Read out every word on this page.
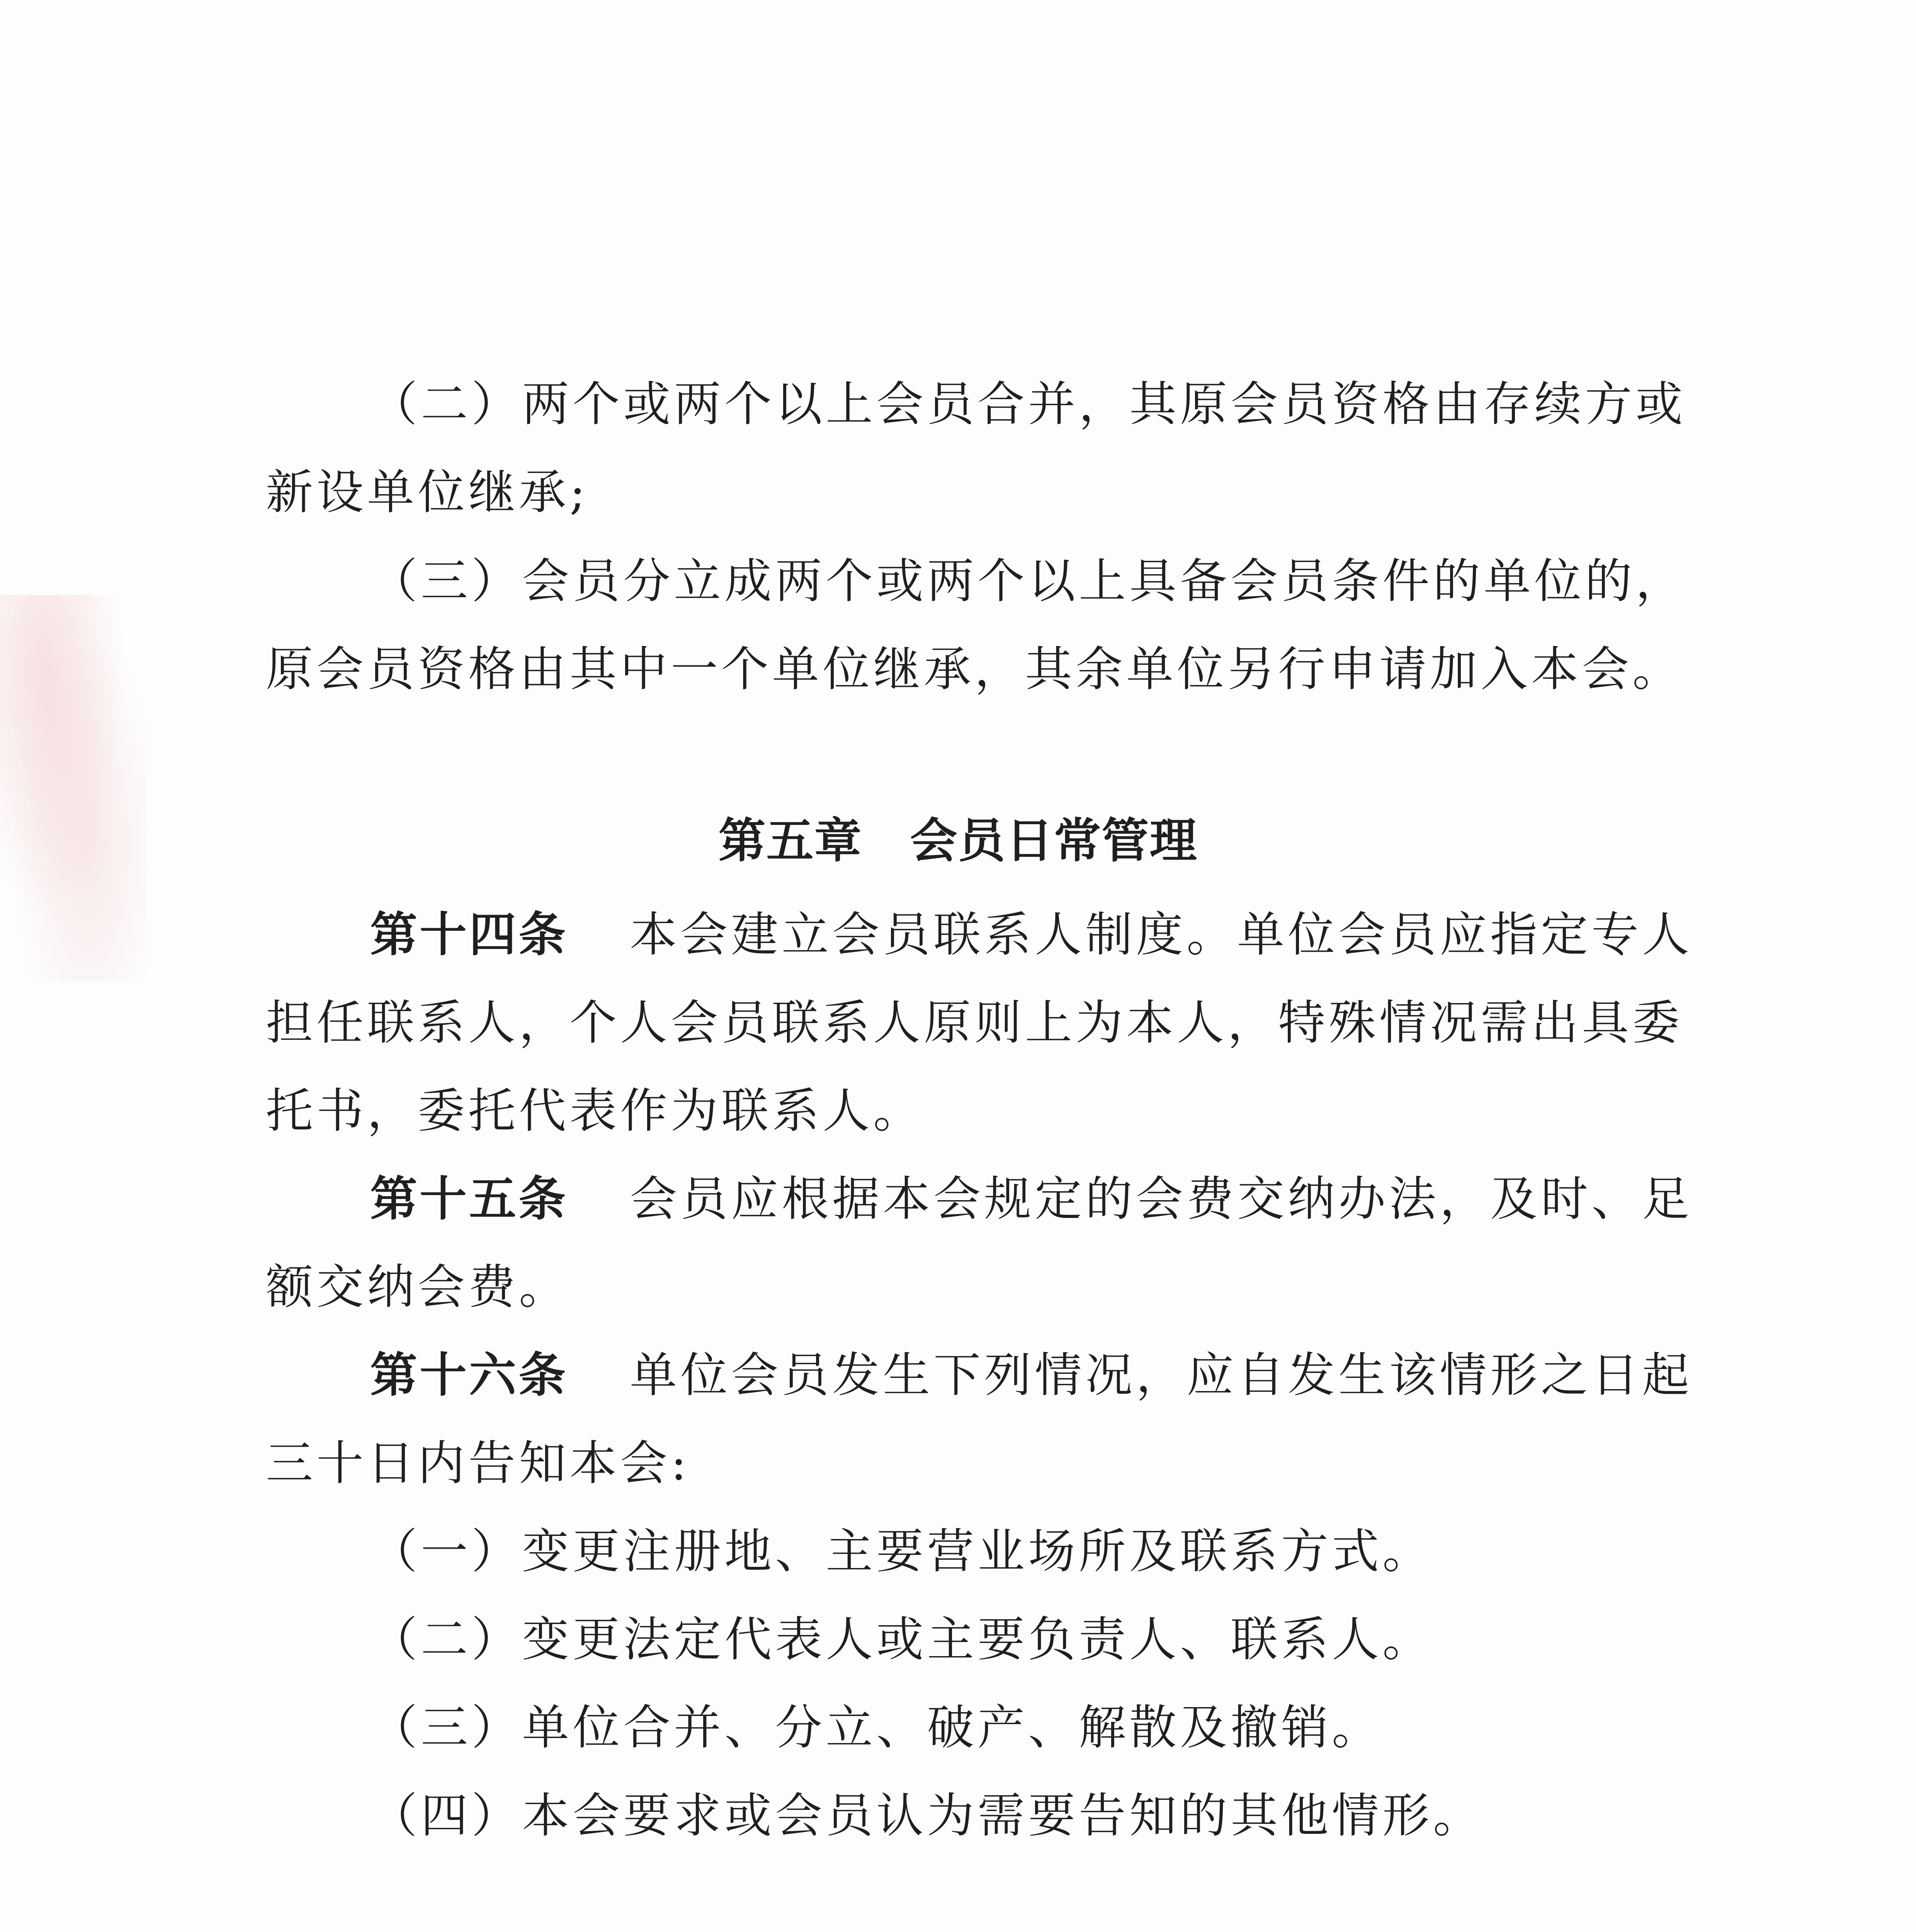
（二）两个或两个以上会员合并，其原会员资格由存续方或
新设单位继承;
（三）会员分立成两个或两个以上具备会员条件的单位的，
原会员资格由其中一个单位继承，其余单位另行申请加入本会。
第五章　会员日常管理
第十四条 本会建立会员联系人制度。单位会员应指定专人
担任联系人，个人会员联系人原则上为本人，特殊情况需出具委
托书，委托代表作为联系人。
第十五条 会员应根据本会规定的会费交纳办法，及时、足
额交纳会费。
第十六条 单位会员发生下列情况，应自发生该情形之日起
三十日内告知本会:
（一）变更注册地、主要营业场所及联系方式。
（二）变更法定代表人或主要负责人、联系人。
（三）单位合并、分立、破产、解散及撤销。
（四）本会要求或会员认为需要告知的其他情形。
